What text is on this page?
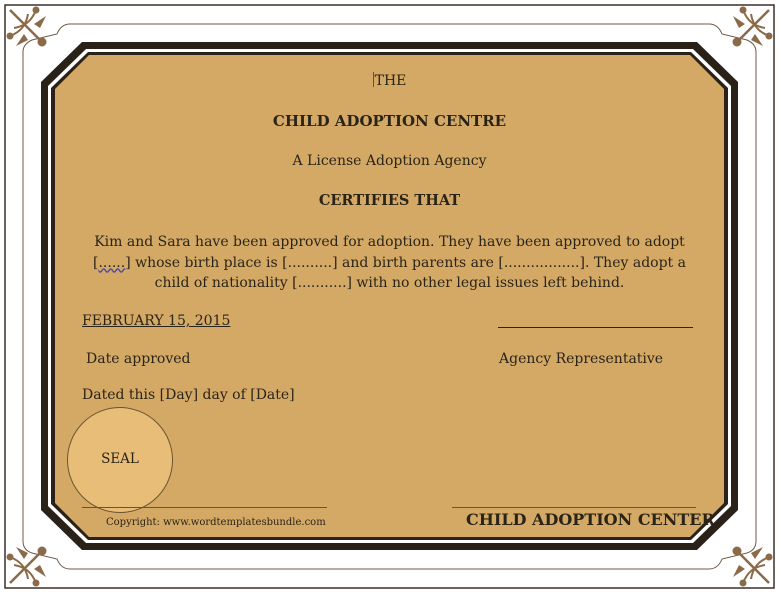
THE
CHILD ADOPTION CENTRE
A License Adoption Agency
CERTIFIES THAT
Kim and Sara have been approved for adoption. They have been approved to adopt [......] whose birth place is [..........] and birth parents are [.................]. They adopt a child of nationality [...........] with no other legal issues left behind.
FEBRUARY 15, 2015
Date approved	Agency Representative
Dated this [Day] day of [Date]
SEAL
Copyright: www.wordtemplatesbundle.com	CHILD ADOPTION CENTER
